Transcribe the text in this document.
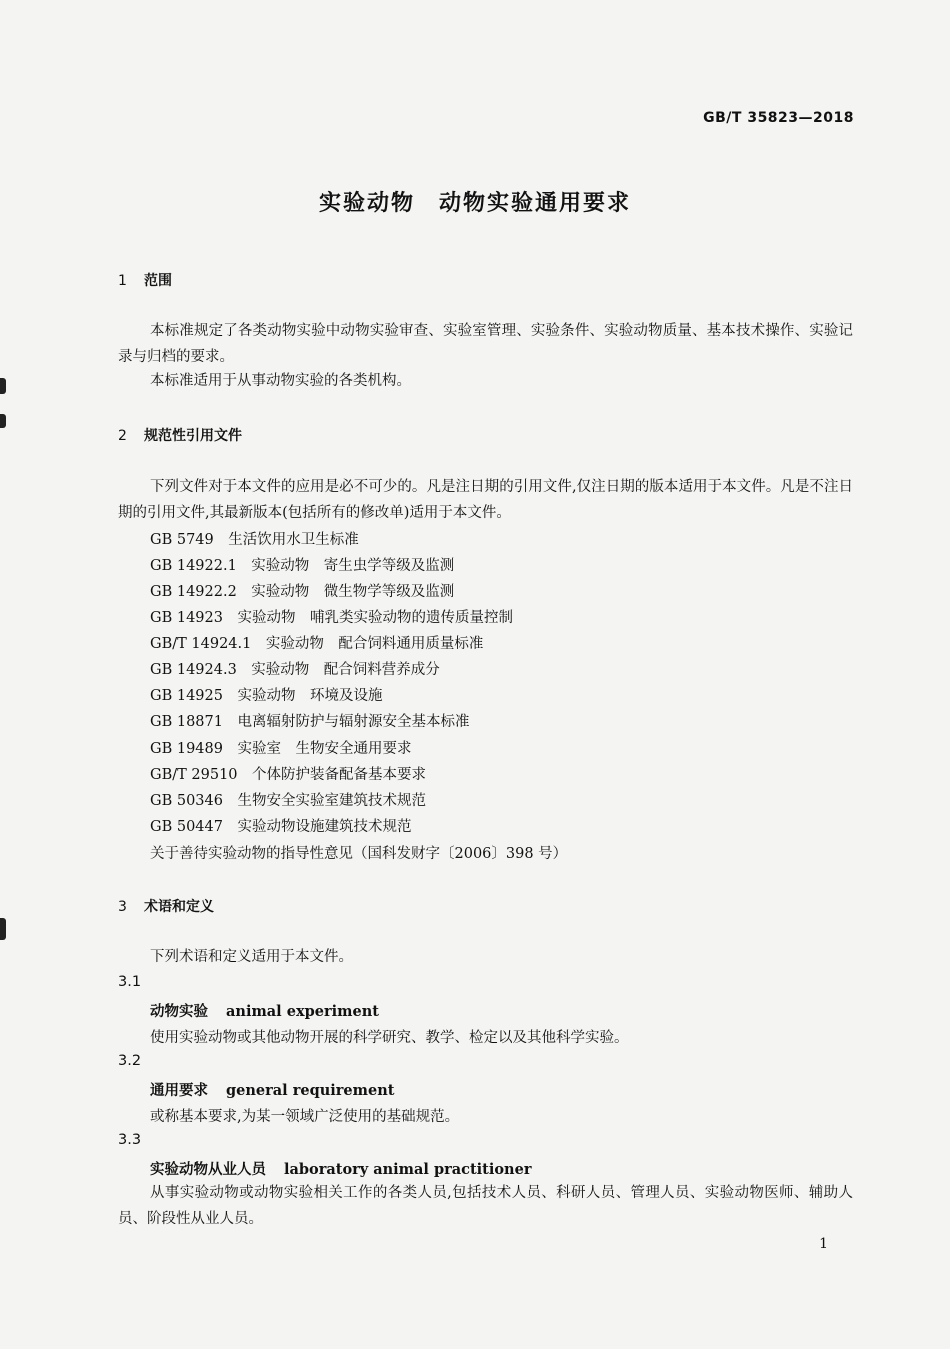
GB/T 35823—2018
实验动物　动物实验通用要求
1 范围
本标准规定了各类动物实验中动物实验审查、实验室管理、实验条件、实验动物质量、基本技术操作、实验记录与归档的要求。
本标准适用于从事动物实验的各类机构。
2 规范性引用文件
下列文件对于本文件的应用是必不可少的。凡是注日期的引用文件,仅注日期的版本适用于本文件。凡是不注日期的引用文件,其最新版本(包括所有的修改单)适用于本文件。
GB 5749　生活饮用水卫生标准
GB 14922.1　实验动物　寄生虫学等级及监测
GB 14922.2　实验动物　微生物学等级及监测
GB 14923　实验动物　哺乳类实验动物的遗传质量控制
GB/T 14924.1　实验动物　配合饲料通用质量标准
GB 14924.3　实验动物　配合饲料营养成分
GB 14925　实验动物　环境及设施
GB 18871　电离辐射防护与辐射源安全基本标准
GB 19489　实验室　生物安全通用要求
GB/T 29510　个体防护装备配备基本要求
GB 50346　生物安全实验室建筑技术规范
GB 50447　实验动物设施建筑技术规范
关于善待实验动物的指导性意见（国科发财字〔2006〕398 号）
3 术语和定义
下列术语和定义适用于本文件。
3.1
动物实验 animal experiment
使用实验动物或其他动物开展的科学研究、教学、检定以及其他科学实验。
3.2
通用要求 general requirement
或称基本要求,为某一领域广泛使用的基础规范。
3.3
实验动物从业人员 laboratory animal practitioner
从事实验动物或动物实验相关工作的各类人员,包括技术人员、科研人员、管理人员、实验动物医师、辅助人员、阶段性从业人员。
1
